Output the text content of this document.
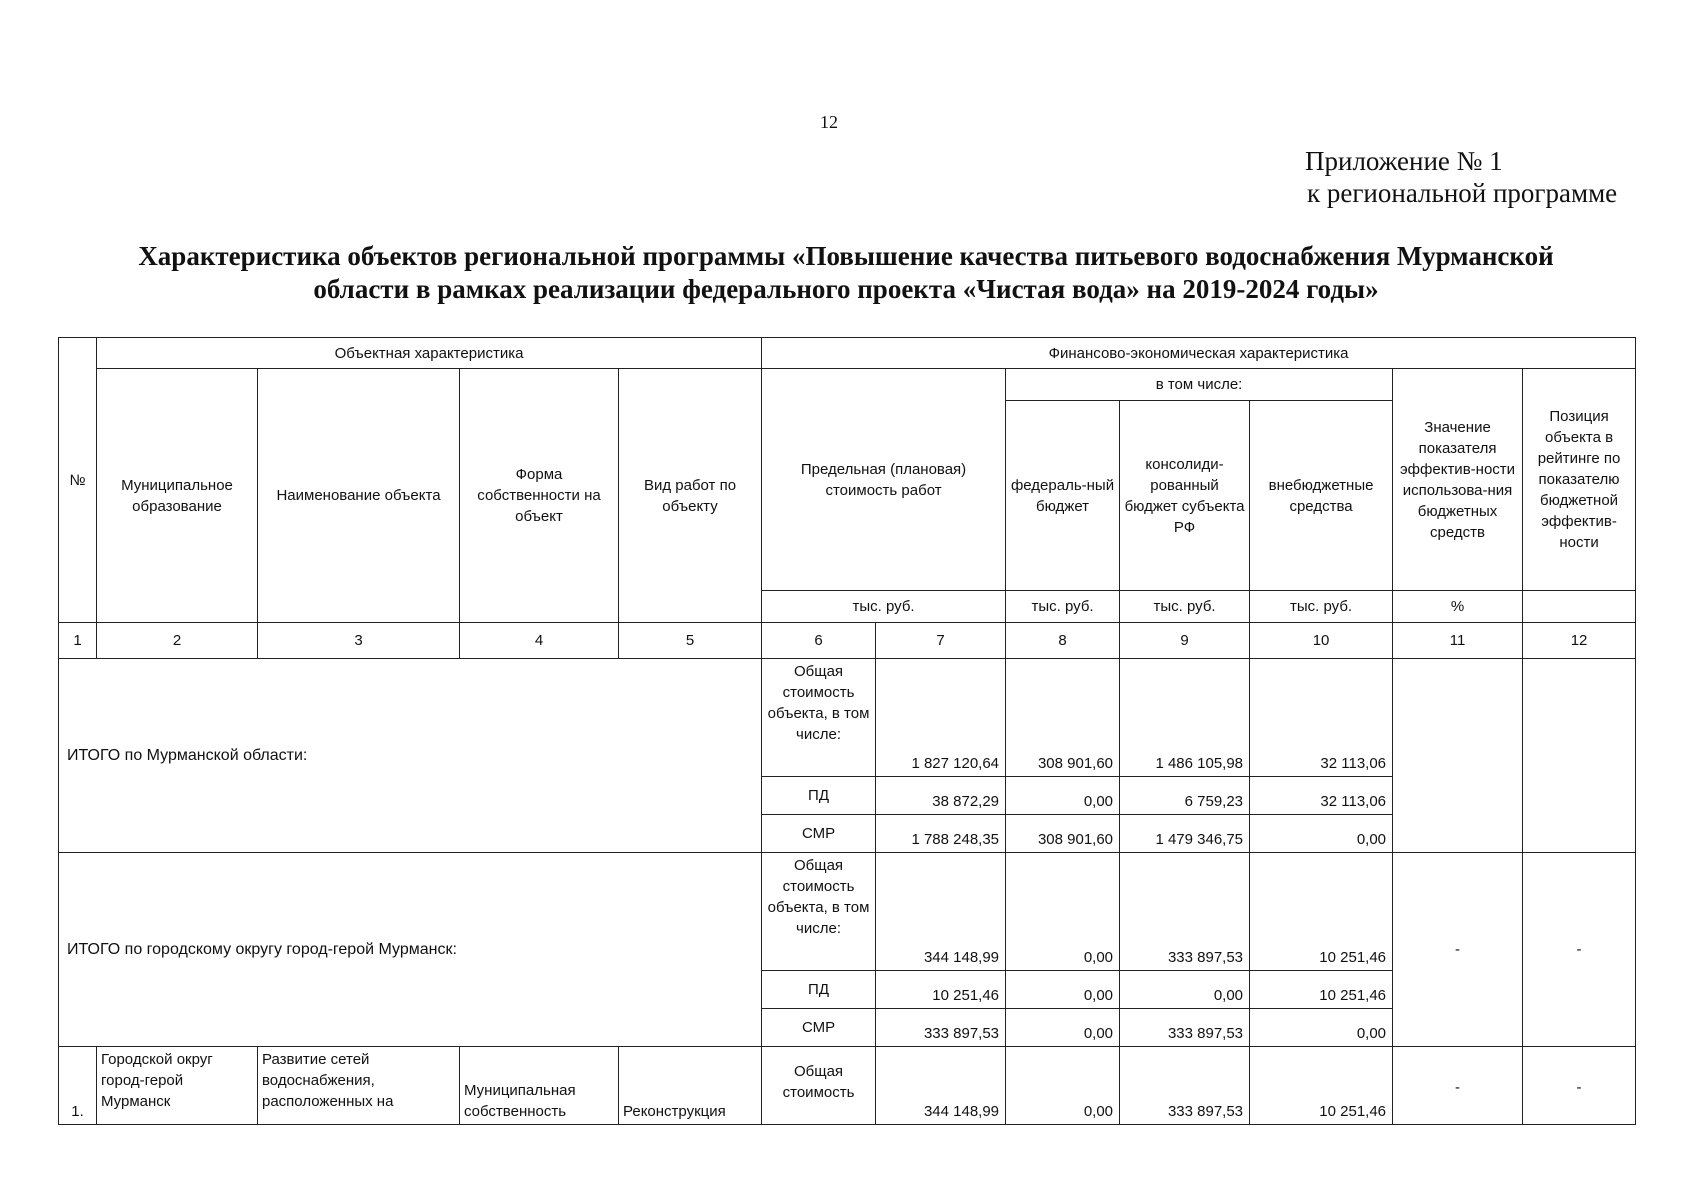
12
Приложение № 1
к региональной программе
Характеристика объектов региональной программы «Повышение качества питьевого водоснабжения Мурманской
области в рамках реализации федерального проекта «Чистая вода» на 2019-2024 годы»
№	Объектная характеристика				Финансово-экономическая характеристика						
	Муниципальное образование	Наименование объекта	Форма собственности на объект	Вид работ по объекту	Предельная (плановая) стоимость работ		в том числе:			Значение показателя эффектив-ности использова-ния бюджетных средств	Позиция объекта в рейтинге по показателю бюджетной эффектив-ности
							федераль-ный бюджет	консолиди-рованный бюджет субъекта РФ	внебюджетные средства		
					тыс. руб.		тыс. руб.	тыс. руб.	тыс. руб.	%	
1	2	3	4	5	6	7	8	9	10	11	12
ИТОГО по Мурманской области:					Общая стоимость объекта, в том числе:	1 827 120,64	308 901,60	1 486 105,98	32 113,06		
					ПД	38 872,29	0,00	6 759,23	32 113,06		
					СМР	1 788 248,35	308 901,60	1 479 346,75	0,00		
ИТОГО по городскому округу город-герой Мурманск:					Общая стоимость объекта, в том числе:	344 148,99	0,00	333 897,53	10 251,46	-	-
					ПД	10 251,46	0,00	0,00	10 251,46		
					СМР	333 897,53	0,00	333 897,53	0,00		
1.	Городской округ город-герой Мурманск	Развитие сетей водоснабжения, расположенных на	Муниципальная собственность	Реконструкция	Общая стоимость	344 148,99	0,00	333 897,53	10 251,46	-	-
